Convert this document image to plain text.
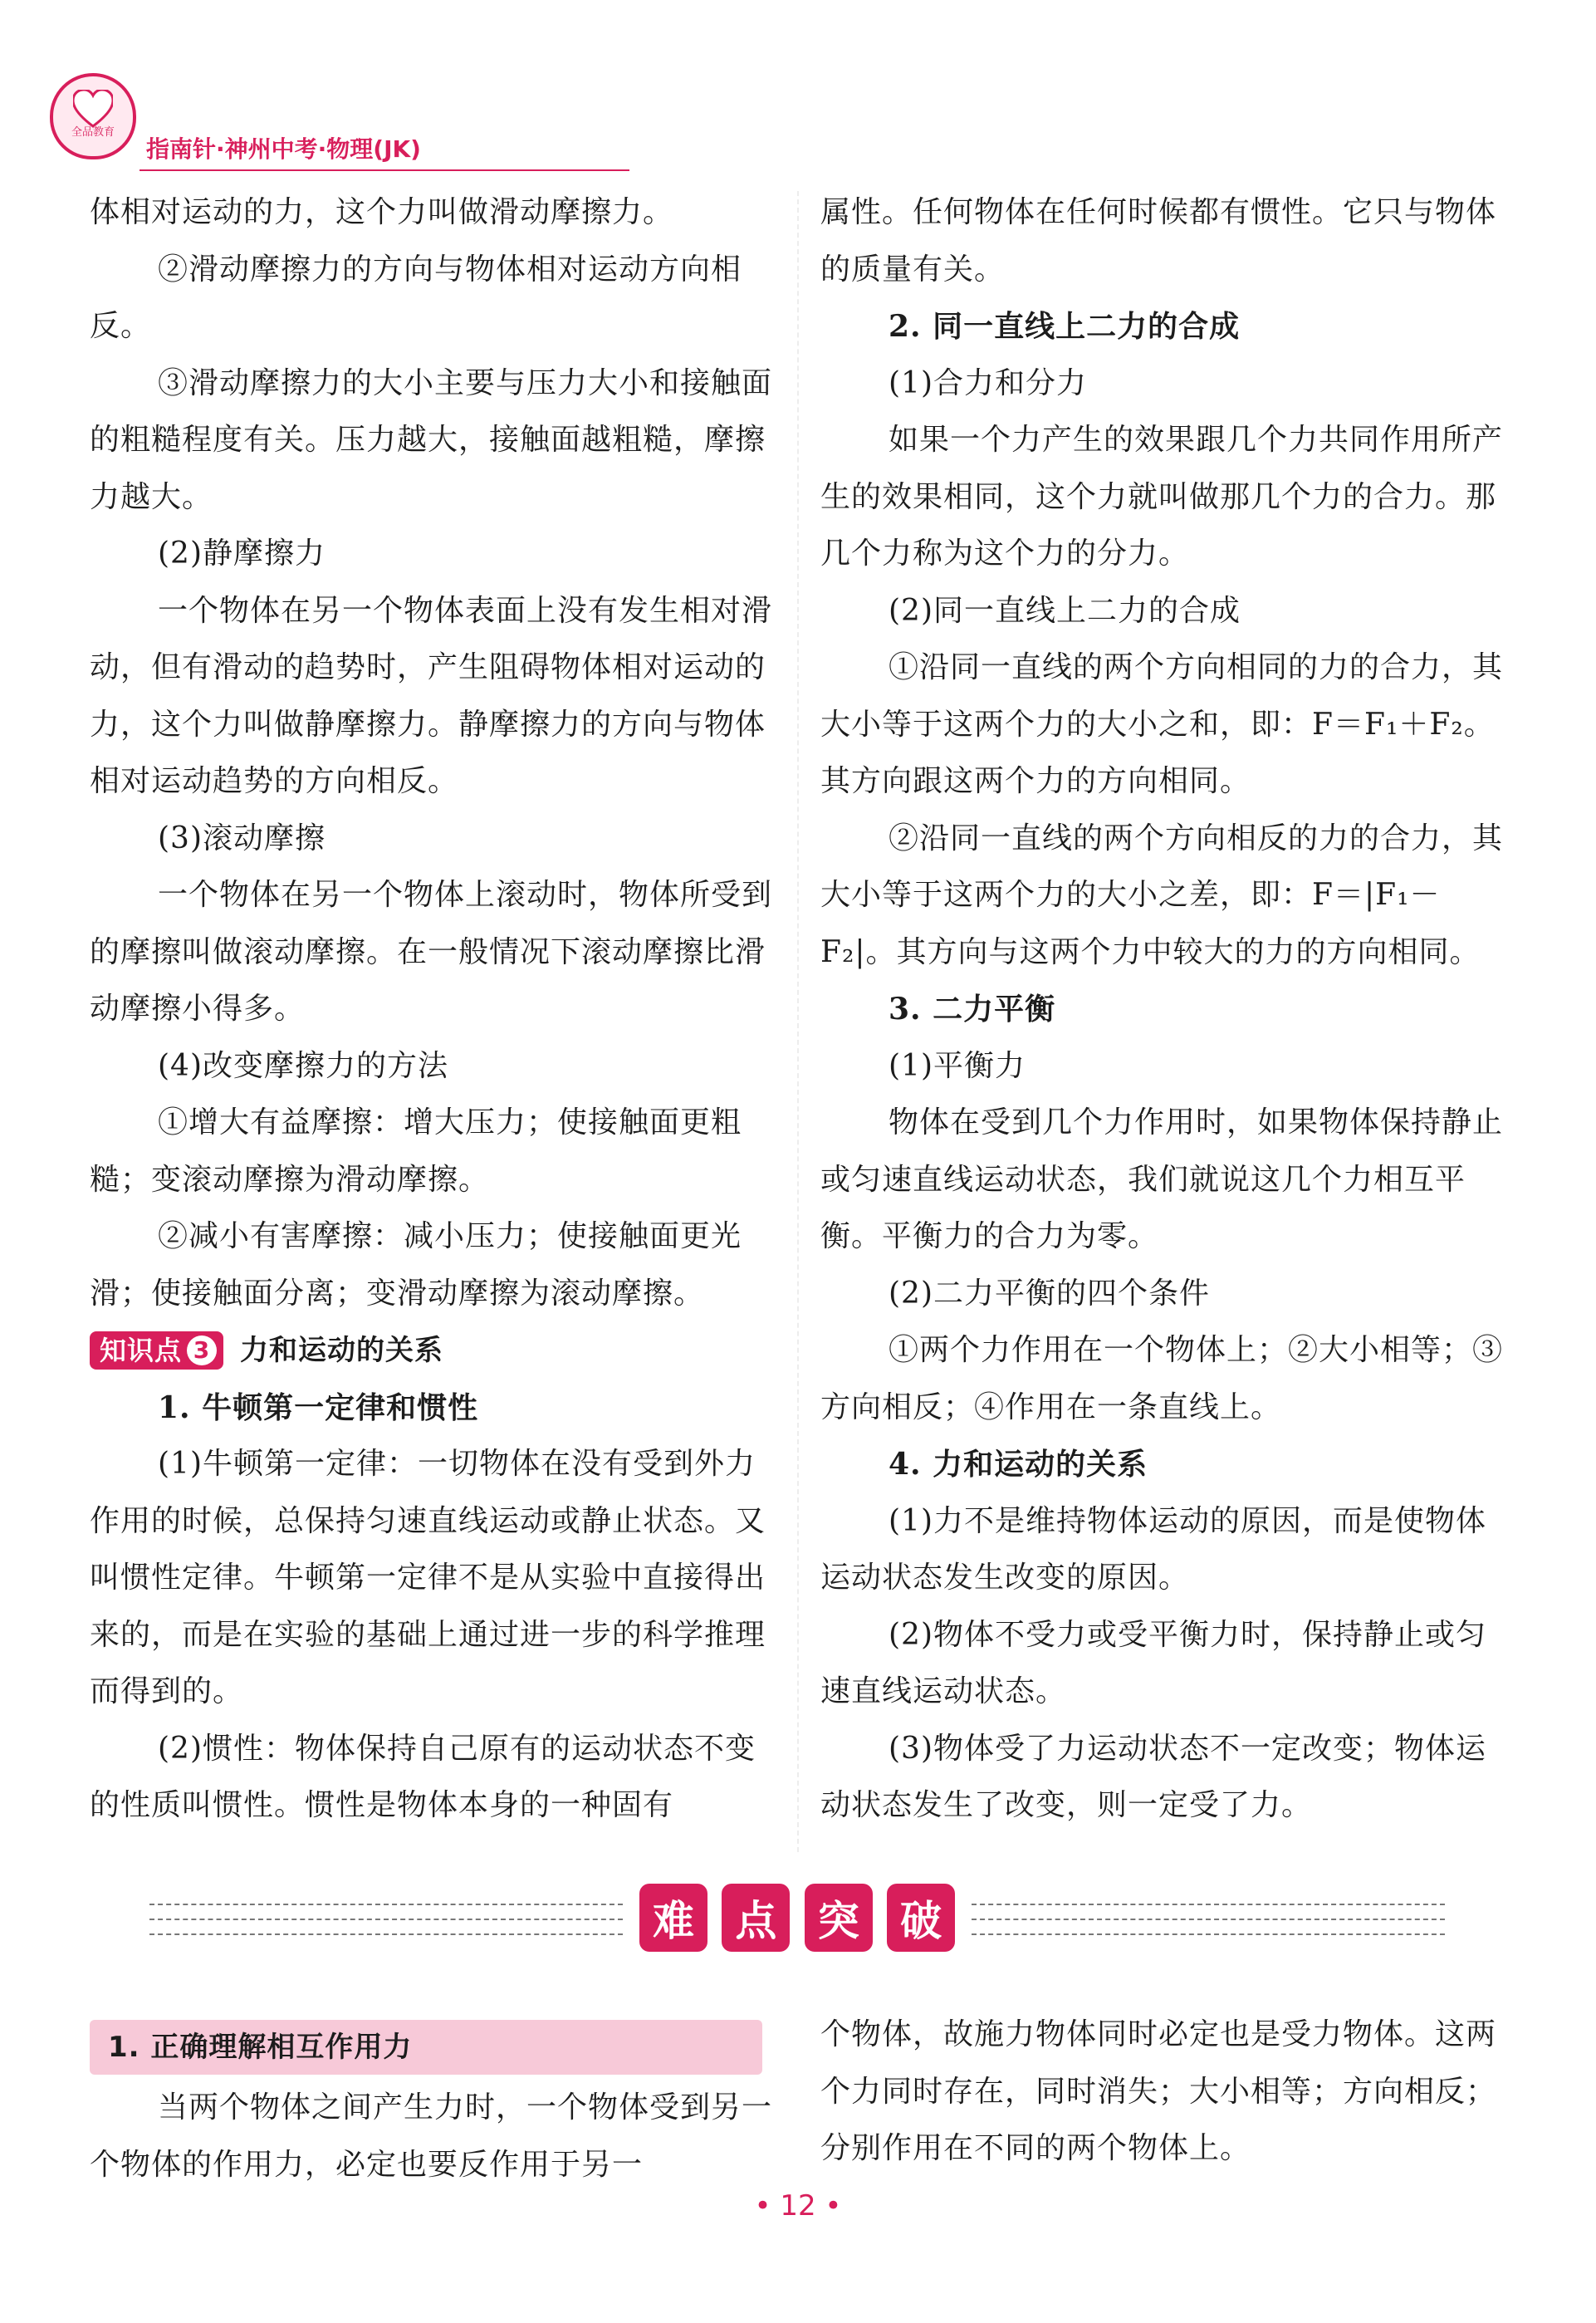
全品教育
指南针·神州中考·物理(JK)

体相对运动的力，这个力叫做滑动摩擦力。

②滑动摩擦力的方向与物体相对运动方向相反。

③滑动摩擦力的大小主要与压力大小和接触面的粗糙程度有关。压力越大，接触面越粗糙，摩擦力越大。

(2)静摩擦力

一个物体在另一个物体表面上没有发生相对滑动，但有滑动的趋势时，产生阻碍物体相对运动的力，这个力叫做静摩擦力。静摩擦力的方向与物体相对运动趋势的方向相反。

(3)滚动摩擦

一个物体在另一个物体上滚动时，物体所受到的摩擦叫做滚动摩擦。在一般情况下滚动摩擦比滑动摩擦小得多。

(4)改变摩擦力的方法

①增大有益摩擦：增大压力；使接触面更粗糙；变滚动摩擦为滑动摩擦。

②减小有害摩擦：减小压力；使接触面更光滑；使接触面分离；变滑动摩擦为滚动摩擦。

知识点 3 力和运动的关系

1. 牛顿第一定律和惯性

(1)牛顿第一定律：一切物体在没有受到外力作用的时候，总保持匀速直线运动或静止状态。又叫惯性定律。牛顿第一定律不是从实验中直接得出来的，而是在实验的基础上通过进一步的科学推理而得到的。

(2)惯性：物体保持自己原有的运动状态不变的性质叫惯性。惯性是物体本身的一种固有

属性。任何物体在任何时候都有惯性。它只与物体的质量有关。

2. 同一直线上二力的合成

(1)合力和分力

如果一个力产生的效果跟几个力共同作用所产生的效果相同，这个力就叫做那几个力的合力。那几个力称为这个力的分力。

(2)同一直线上二力的合成

①沿同一直线的两个方向相同的力的合力，其大小等于这两个力的大小之和，即：F＝F₁＋F₂。其方向跟这两个力的方向相同。

②沿同一直线的两个方向相反的力的合力，其大小等于这两个力的大小之差，即：F＝|F₁－F₂|。其方向与这两个力中较大的力的方向相同。

3. 二力平衡

(1)平衡力

物体在受到几个力作用时，如果物体保持静止或匀速直线运动状态，我们就说这几个力相互平衡。平衡力的合力为零。

(2)二力平衡的四个条件

①两个力作用在一个物体上；②大小相等；③方向相反；④作用在一条直线上。

4. 力和运动的关系

(1)力不是维持物体运动的原因，而是使物体运动状态发生改变的原因。

(2)物体不受力或受平衡力时，保持静止或匀速直线运动状态。

(3)物体受了力运动状态不一定改变；物体运动状态发生了改变，则一定受了力。

难 点 突 破
1. 正确理解相互作用力

当两个物体之间产生力时，一个物体受到另一个物体的作用力，必定也要反作用于另一

个物体，故施力物体同时必定也是受力物体。这两个力同时存在，同时消失；大小相等；方向相反；分别作用在不同的两个物体上。

• 12 •
